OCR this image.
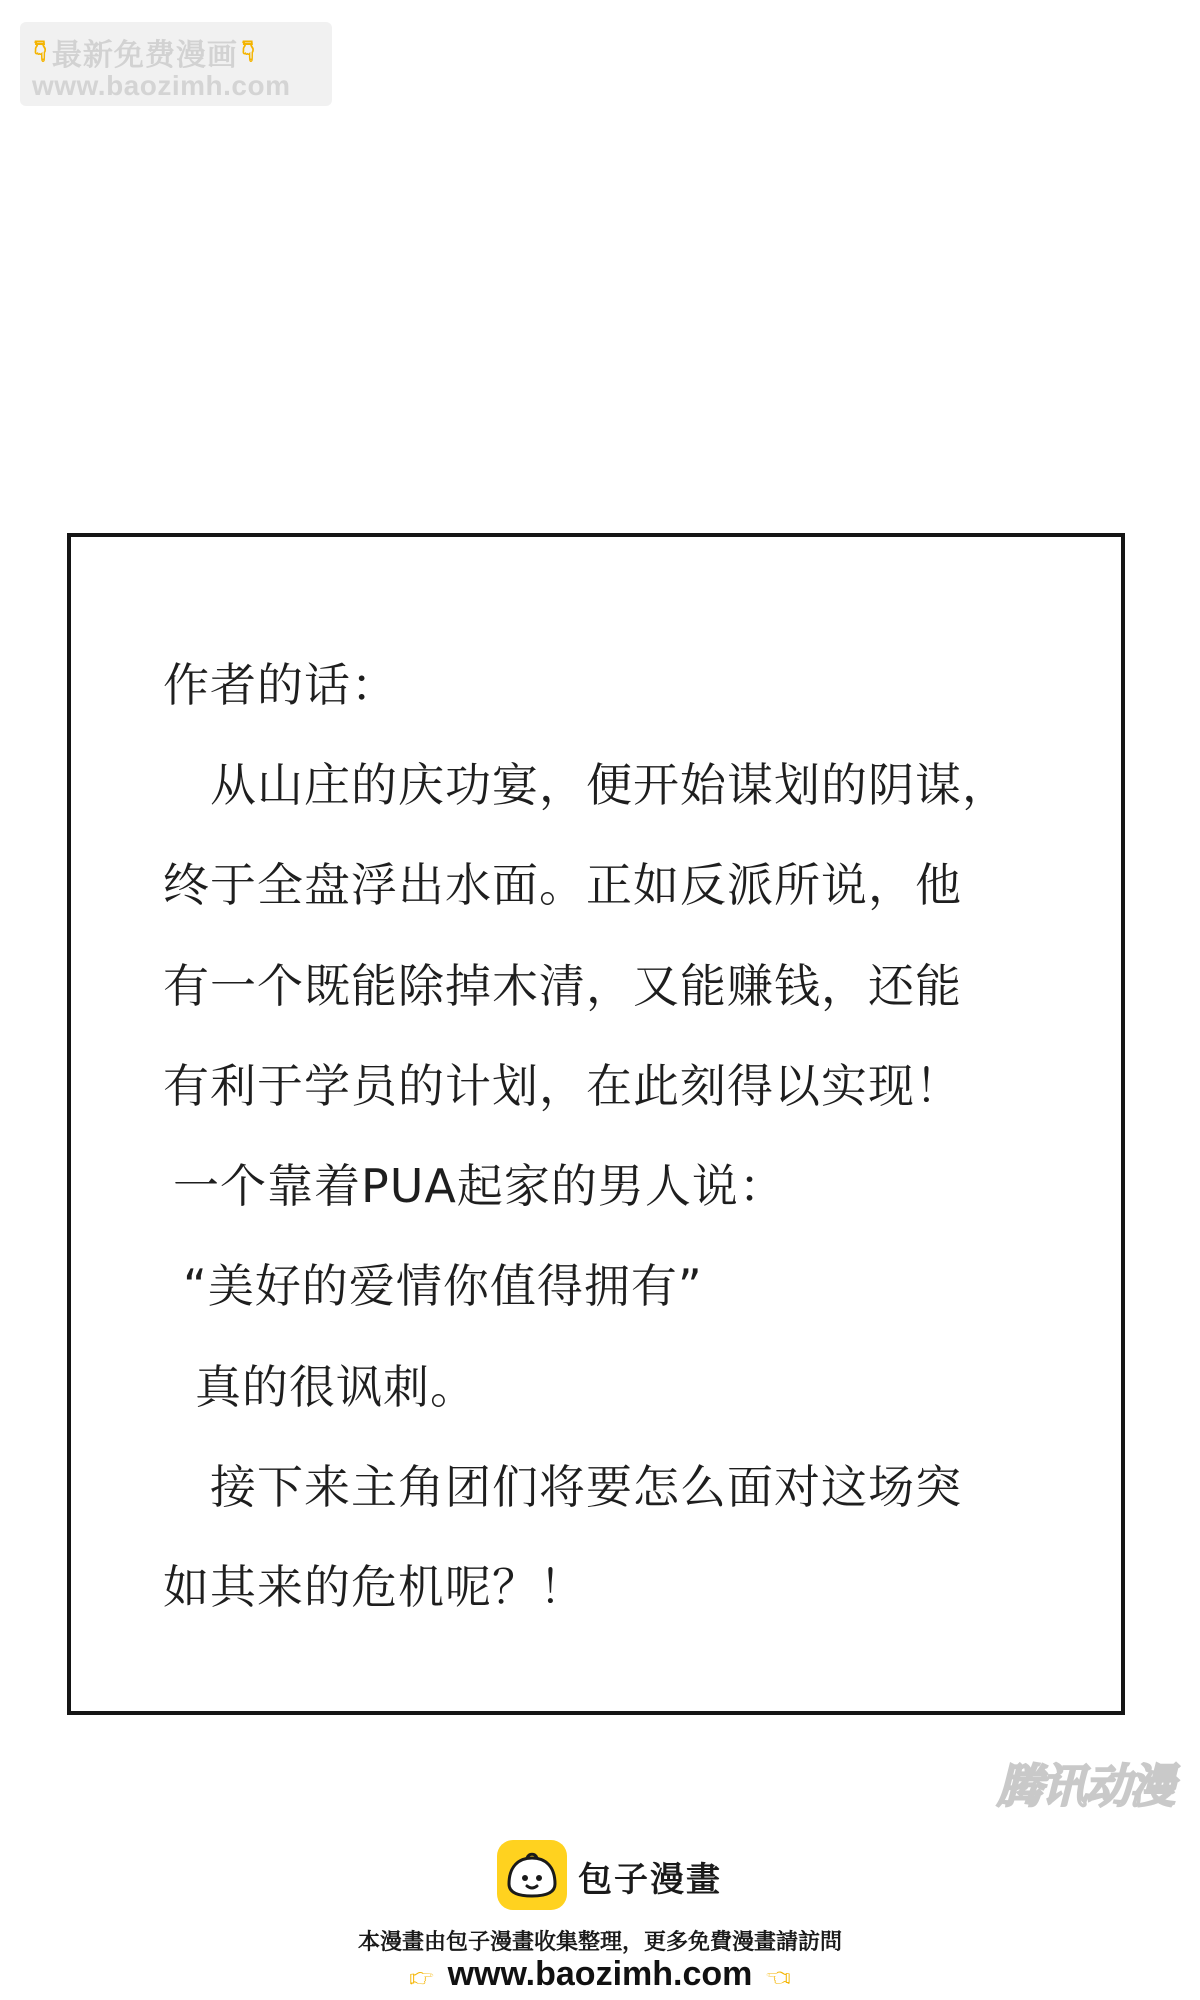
👇︎ 最新免费漫画 👇︎
www.baozimh.com
作者的话：
　从山庄的庆功宴，便开始谋划的阴谋，
终于全盘浮出水面。正如反派所说，他
有一个既能除掉木清，又能赚钱，还能
有利于学员的计划，在此刻得以实现！
一个靠着PUA起家的男人说：
“美好的爱情你值得拥有”
真的很讽刺。
　接下来主角团们将要怎么面对这场突
如其来的危机呢？！
腾讯动漫
包子漫畫
本漫畫由包子漫畫收集整理，更多免費漫畫請訪問
👉︎ www.baozimh.com 👈︎
